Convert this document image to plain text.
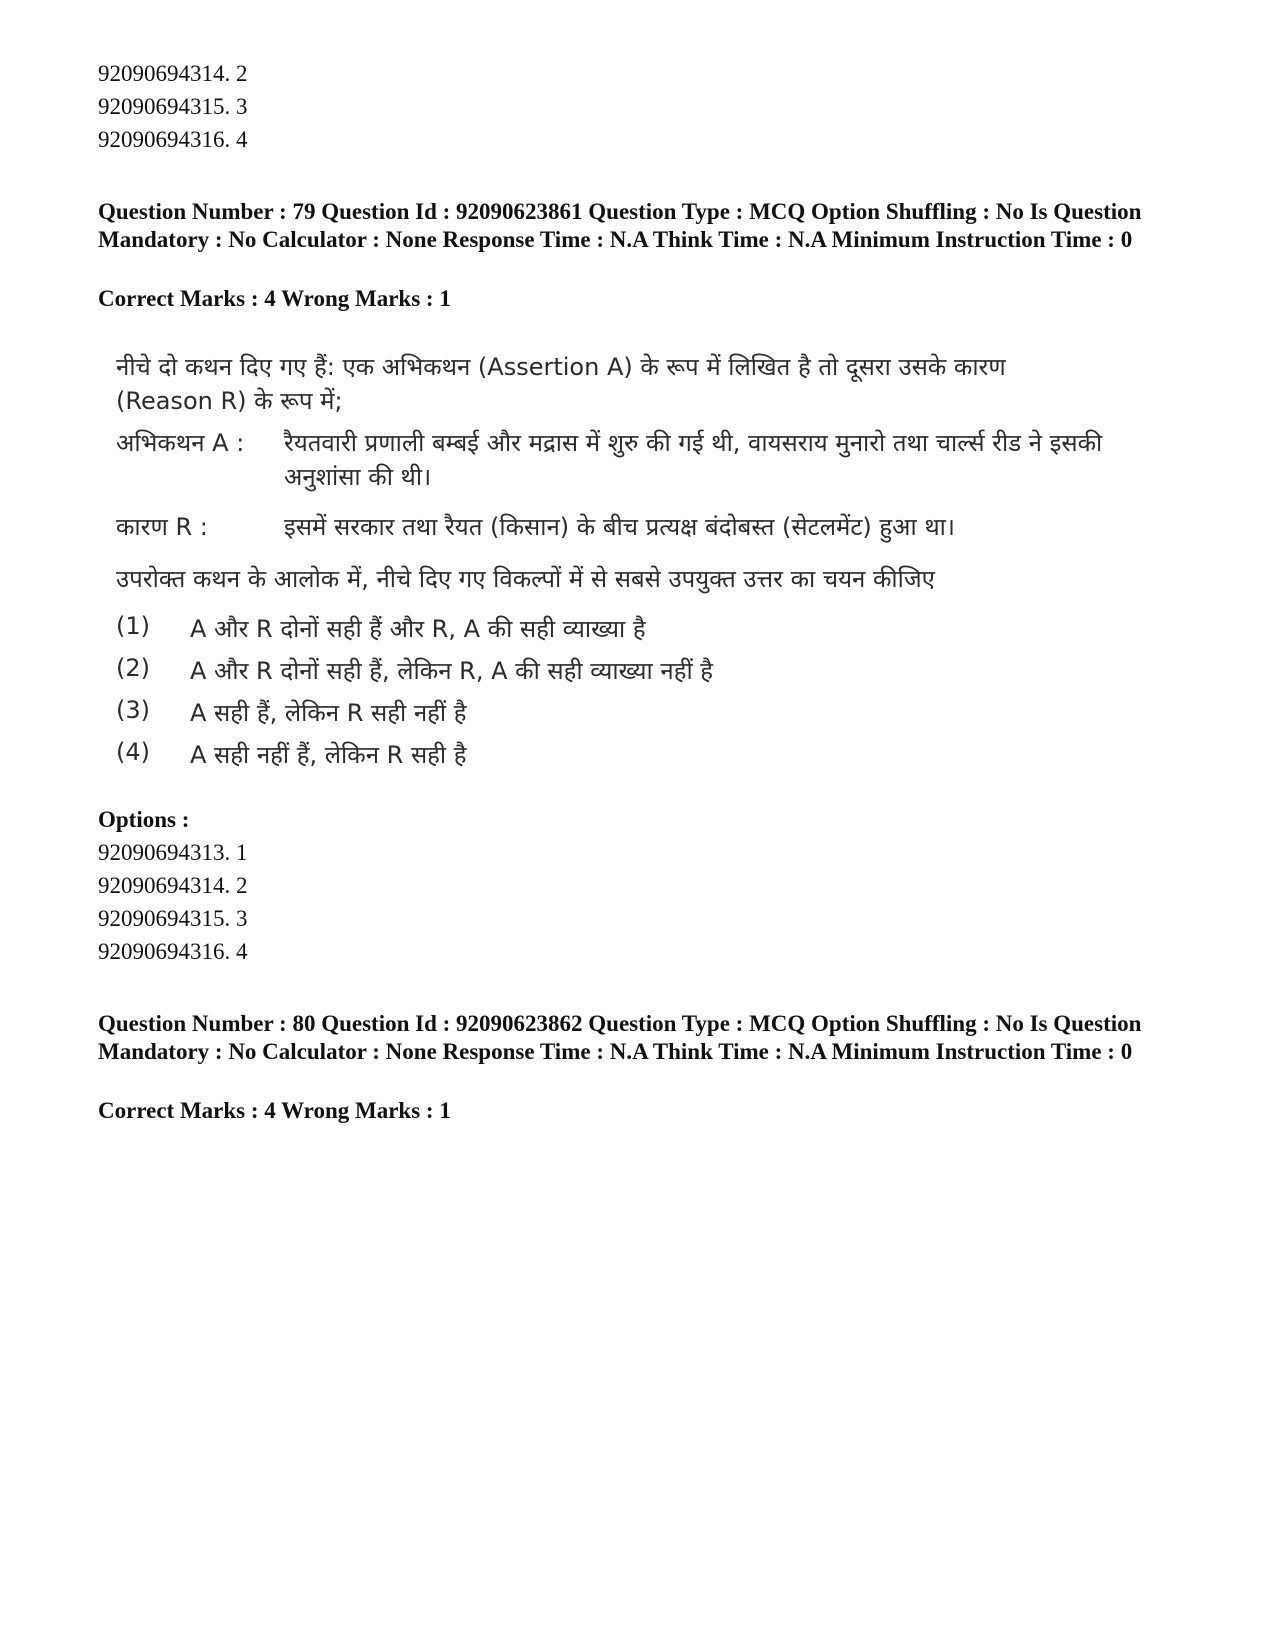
92090694314. 2
92090694315. 3
92090694316. 4

Question Number : 79 Question Id : 92090623861 Question Type : MCQ Option Shuffling : No Is Question Mandatory : No Calculator : None Response Time : N.A Think Time : N.A Minimum Instruction Time : 0

Correct Marks : 4 Wrong Marks : 1
नीचे दो कथन दिए गए हैं: एक अभिकथन (Assertion A) के रूप में लिखित है तो दूसरा उसके कारण (Reason R) के रूप में;
अभिकथन A : रैयतवारी प्रणाली बम्बई और मद्रास में शुरु की गई थी, वायसराय मुनारो तथा चार्ल्स रीड ने इसकी अनुशांसा की थी।
कारण R :	इसमें सरकार तथा रैयत (किसान) के बीच प्रत्यक्ष बंदोबस्त (सेटलमेंट) हुआ था।
उपरोक्त कथन के आलोक में, नीचे दिए गए विकल्पों में से सबसे उपयुक्त उत्तर का चयन कीजिए
(1) A और R दोनों सही हैं और R, A की सही व्याख्या है
(2) A और R दोनों सही हैं, लेकिन R, A की सही व्याख्या नहीं है
(3) A सही हैं, लेकिन R सही नहीं है
(4) A सही नहीं हैं, लेकिन R सही है
Options :
92090694313. 1
92090694314. 2
92090694315. 3
92090694316. 4

Question Number : 80 Question Id : 92090623862 Question Type : MCQ Option Shuffling : No Is Question Mandatory : No Calculator : None Response Time : N.A Think Time : N.A Minimum Instruction Time : 0

Correct Marks : 4 Wrong Marks : 1
